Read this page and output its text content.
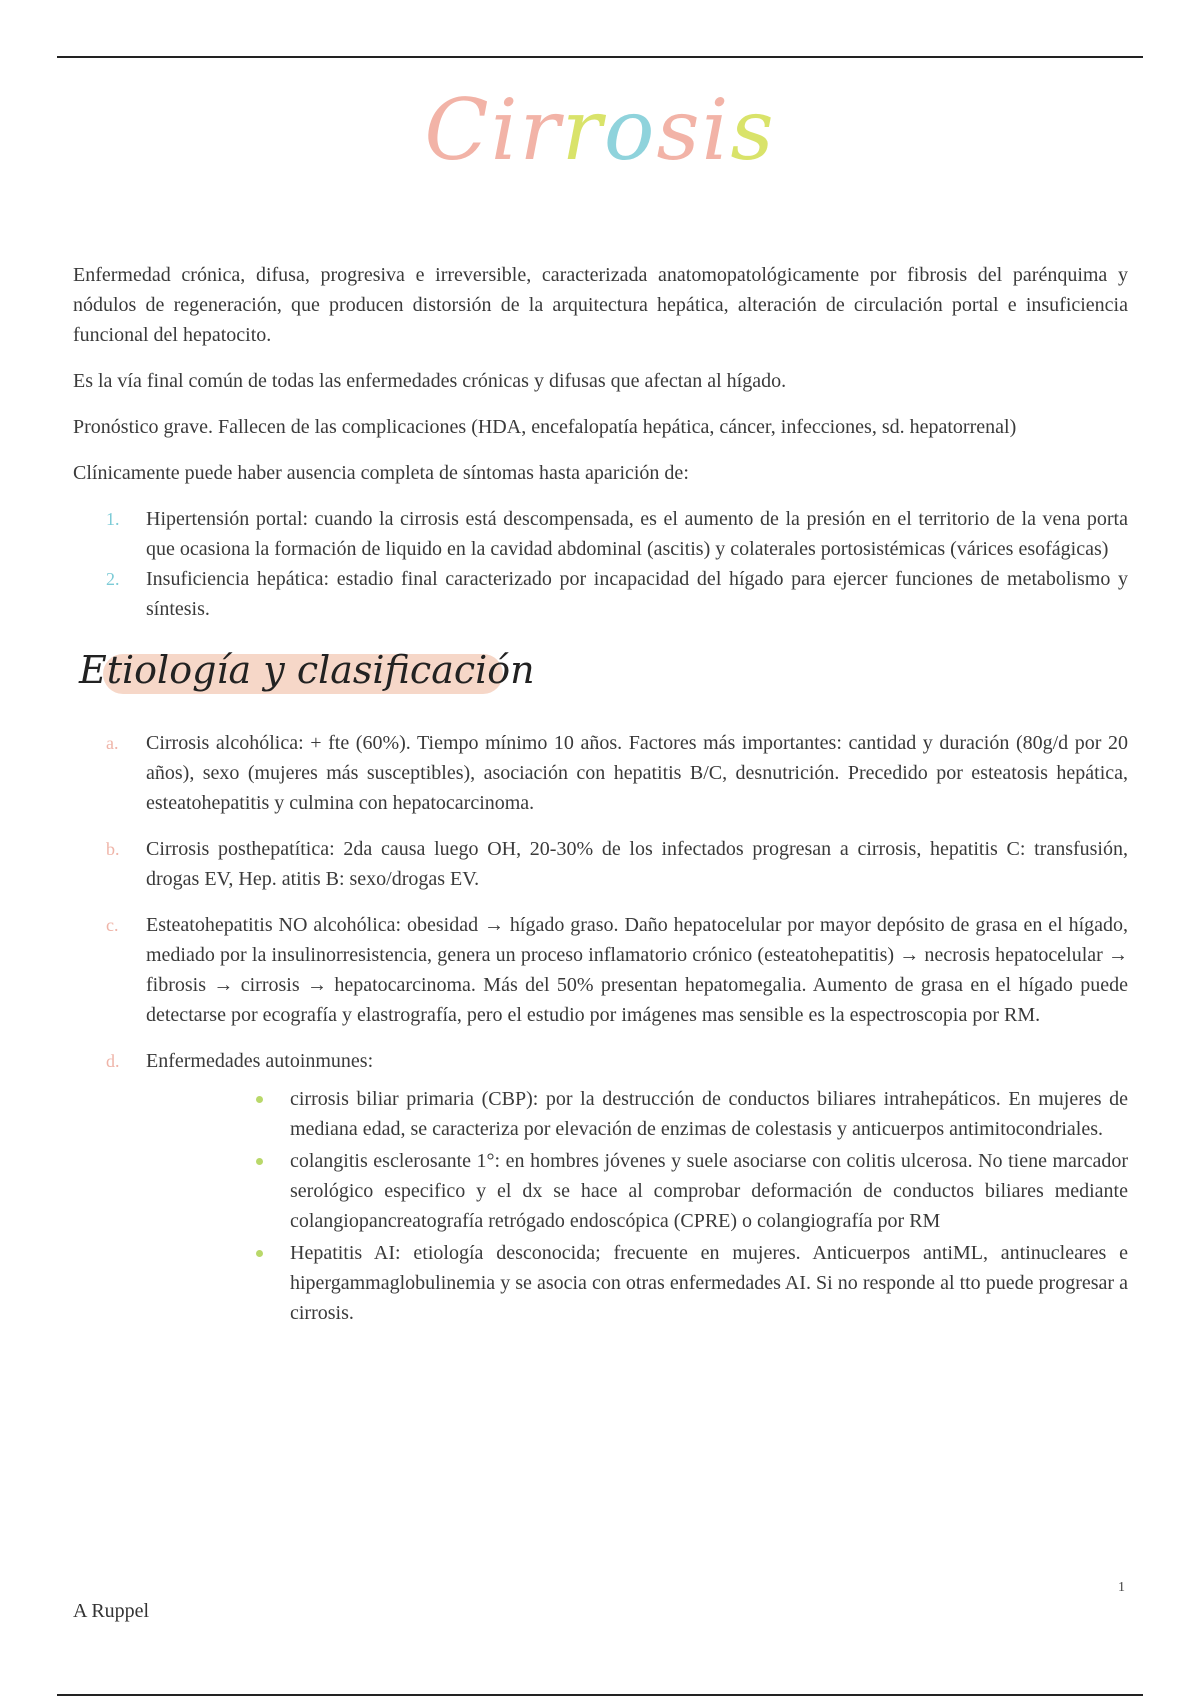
Cirrosis

Enfermedad crónica, difusa, progresiva e irreversible, caracterizada anatomopatológicamente por fibrosis del parénquima y nódulos de regeneración, que producen distorsión de la arquitectura hepática, alteración de circulación portal e insuficiencia funcional del hepatocito.

Es la vía final común de todas las enfermedades crónicas y difusas que afectan al hígado.

Pronóstico grave. Fallecen de las complicaciones (HDA, encefalopatía hepática, cáncer, infecciones, sd. hepatorrenal)

Clínicamente puede haber ausencia completa de síntomas hasta aparición de:

1. Hipertensión portal: cuando la cirrosis está descompensada, es el aumento de la presión en el territorio de la vena porta que ocasiona la formación de liquido en la cavidad abdominal (ascitis) y colaterales portosistémicas (várices esofágicas)
2. Insuficiencia hepática: estadio final caracterizado por incapacidad del hígado para ejercer funciones de metabolismo y síntesis.
Etiología y clasificación
a. Cirrosis alcohólica: + fte (60%). Tiempo mínimo 10 años. Factores más importantes: cantidad y duración (80g/d por 20 años), sexo (mujeres más susceptibles), asociación con hepatitis B/C, desnutrición. Precedido por esteatosis hepática, esteatohepatitis y culmina con hepatocarcinoma.
b. Cirrosis posthepatítica: 2da causa luego OH, 20-30% de los infectados progresan a cirrosis, hepatitis C: transfusión, drogas EV, Hep. atitis B: sexo/drogas EV.
c. Esteatohepatitis NO alcohólica: obesidad → hígado graso. Daño hepatocelular por mayor depósito de grasa en el hígado, mediado por la insulinorresistencia, genera un proceso inflamatorio crónico (esteatohepatitis) → necrosis hepatocelular → fibrosis → cirrosis → hepatocarcinoma. Más del 50% presentan hepatomegalia. Aumento de grasa en el hígado puede detectarse por ecografía y elastrografía, pero el estudio por imágenes mas sensible es la espectroscopia por RM.
d. Enfermedades autoinmunes:
cirrosis biliar primaria (CBP): por la destrucción de conductos biliares intrahepáticos. En mujeres de mediana edad, se caracteriza por elevación de enzimas de colestasis y anticuerpos antimitocondriales.
colangitis esclerosante 1°: en hombres jóvenes y suele asociarse con colitis ulcerosa. No tiene marcador serológico especifico y el dx se hace al comprobar deformación de conductos biliares mediante colangiopancreatografía retrógado endoscópica (CPRE) o colangiografía por RM
Hepatitis AI: etiología desconocida; frecuente en mujeres. Anticuerpos antiML, antinucleares e hipergammaglobulinemia y se asocia con otras enfermedades AI. Si no responde al tto puede progresar a cirrosis.
1
A Ruppel
